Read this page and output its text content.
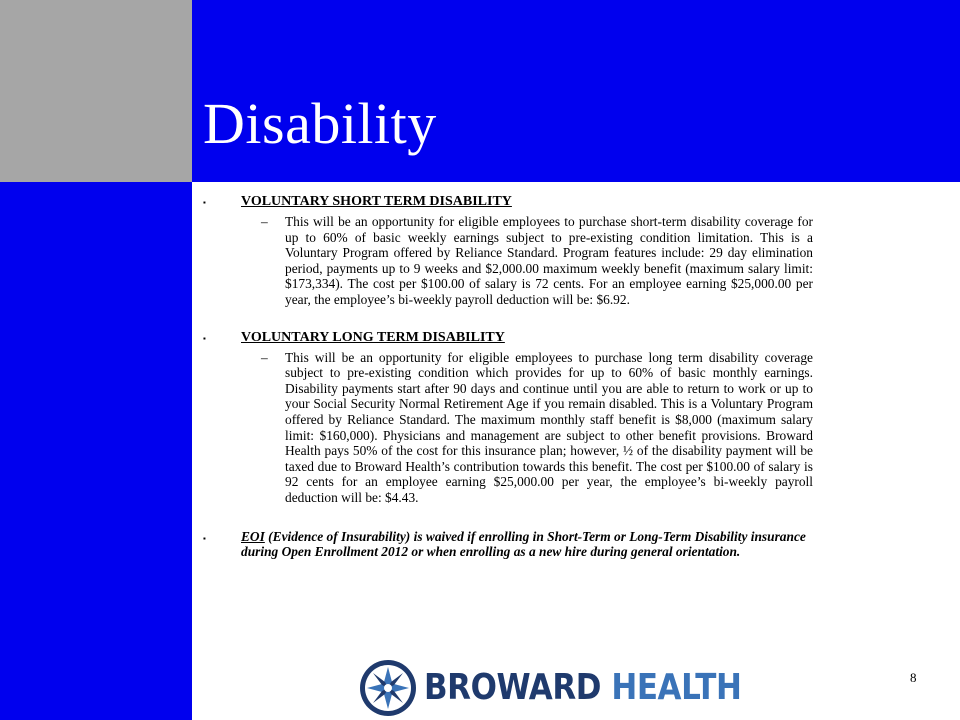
Disability
▪	VOLUNTARY SHORT TERM DISABILITY
– This will be an opportunity for eligible employees to purchase short-term disability coverage for up to 60% of basic weekly earnings subject to pre-existing condition limitation. This is a Voluntary Program offered by Reliance Standard. Program features include: 29 day elimination period, payments up to 9 weeks and $2,000.00 maximum weekly benefit (maximum salary limit: $173,334). The cost per $100.00 of salary is 72 cents. For an employee earning $25,000.00 per year, the employee’s bi-weekly payroll deduction will be: $6.92.
▪	VOLUNTARY LONG TERM DISABILITY
– This will be an opportunity for eligible employees to purchase long term disability coverage subject to pre-existing condition which provides for up to 60% of basic monthly earnings. Disability payments start after 90 days and continue until you are able to return to work or up to your Social Security Normal Retirement Age if you remain disabled. This is a Voluntary Program offered by Reliance Standard. The maximum monthly staff benefit is $8,000 (maximum salary limit: $160,000). Physicians and management are subject to other benefit provisions. Broward Health pays 50% of the cost for this insurance plan; however, ½ of the disability payment will be taxed due to Broward Health’s contribution towards this benefit. The cost per $100.00 of salary is 92 cents for an employee earning $25,000.00 per year, the employee’s bi-weekly payroll deduction will be: $4.43.
▪	EOI (Evidence of Insurability) is waived if enrolling in Short-Term or Long-Term Disability insurance during Open Enrollment 2012 or when enrolling as a new hire during general orientation.
BROWARD HEALTH	8
